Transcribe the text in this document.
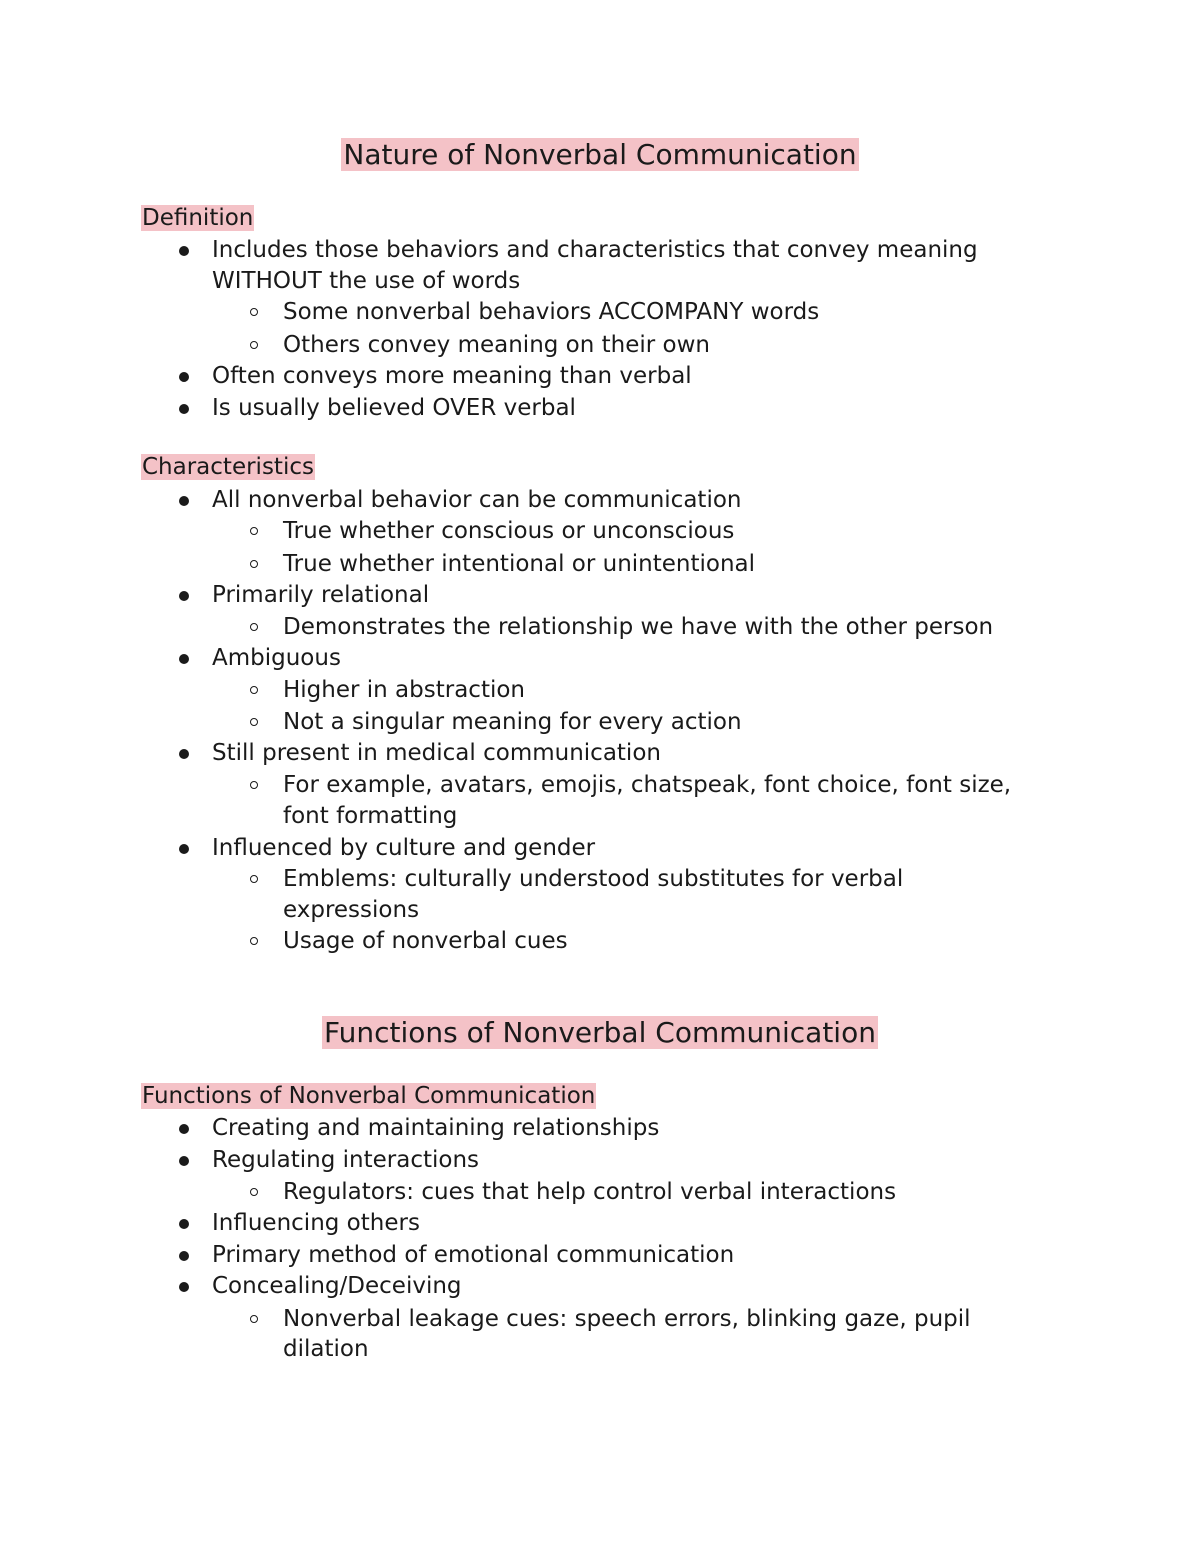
Nature of Nonverbal Communication
Definition
Includes those behaviors and characteristics that convey meaning
WITHOUT the use of words
Some nonverbal behaviors ACCOMPANY words
Others convey meaning on their own
Often conveys more meaning than verbal
Is usually believed OVER verbal
Characteristics
All nonverbal behavior can be communication
True whether conscious or unconscious
True whether intentional or unintentional
Primarily relational
Demonstrates the relationship we have with the other person
Ambiguous
Higher in abstraction
Not a singular meaning for every action
Still present in medical communication
For example, avatars, emojis, chatspeak, font choice, font size,
font formatting
Influenced by culture and gender
Emblems: culturally understood substitutes for verbal
expressions
Usage of nonverbal cues
Functions of Nonverbal Communication
Functions of Nonverbal Communication
Creating and maintaining relationships
Regulating interactions
Regulators: cues that help control verbal interactions
Influencing others
Primary method of emotional communication
Concealing/Deceiving
Nonverbal leakage cues: speech errors, blinking gaze, pupil
dilation
